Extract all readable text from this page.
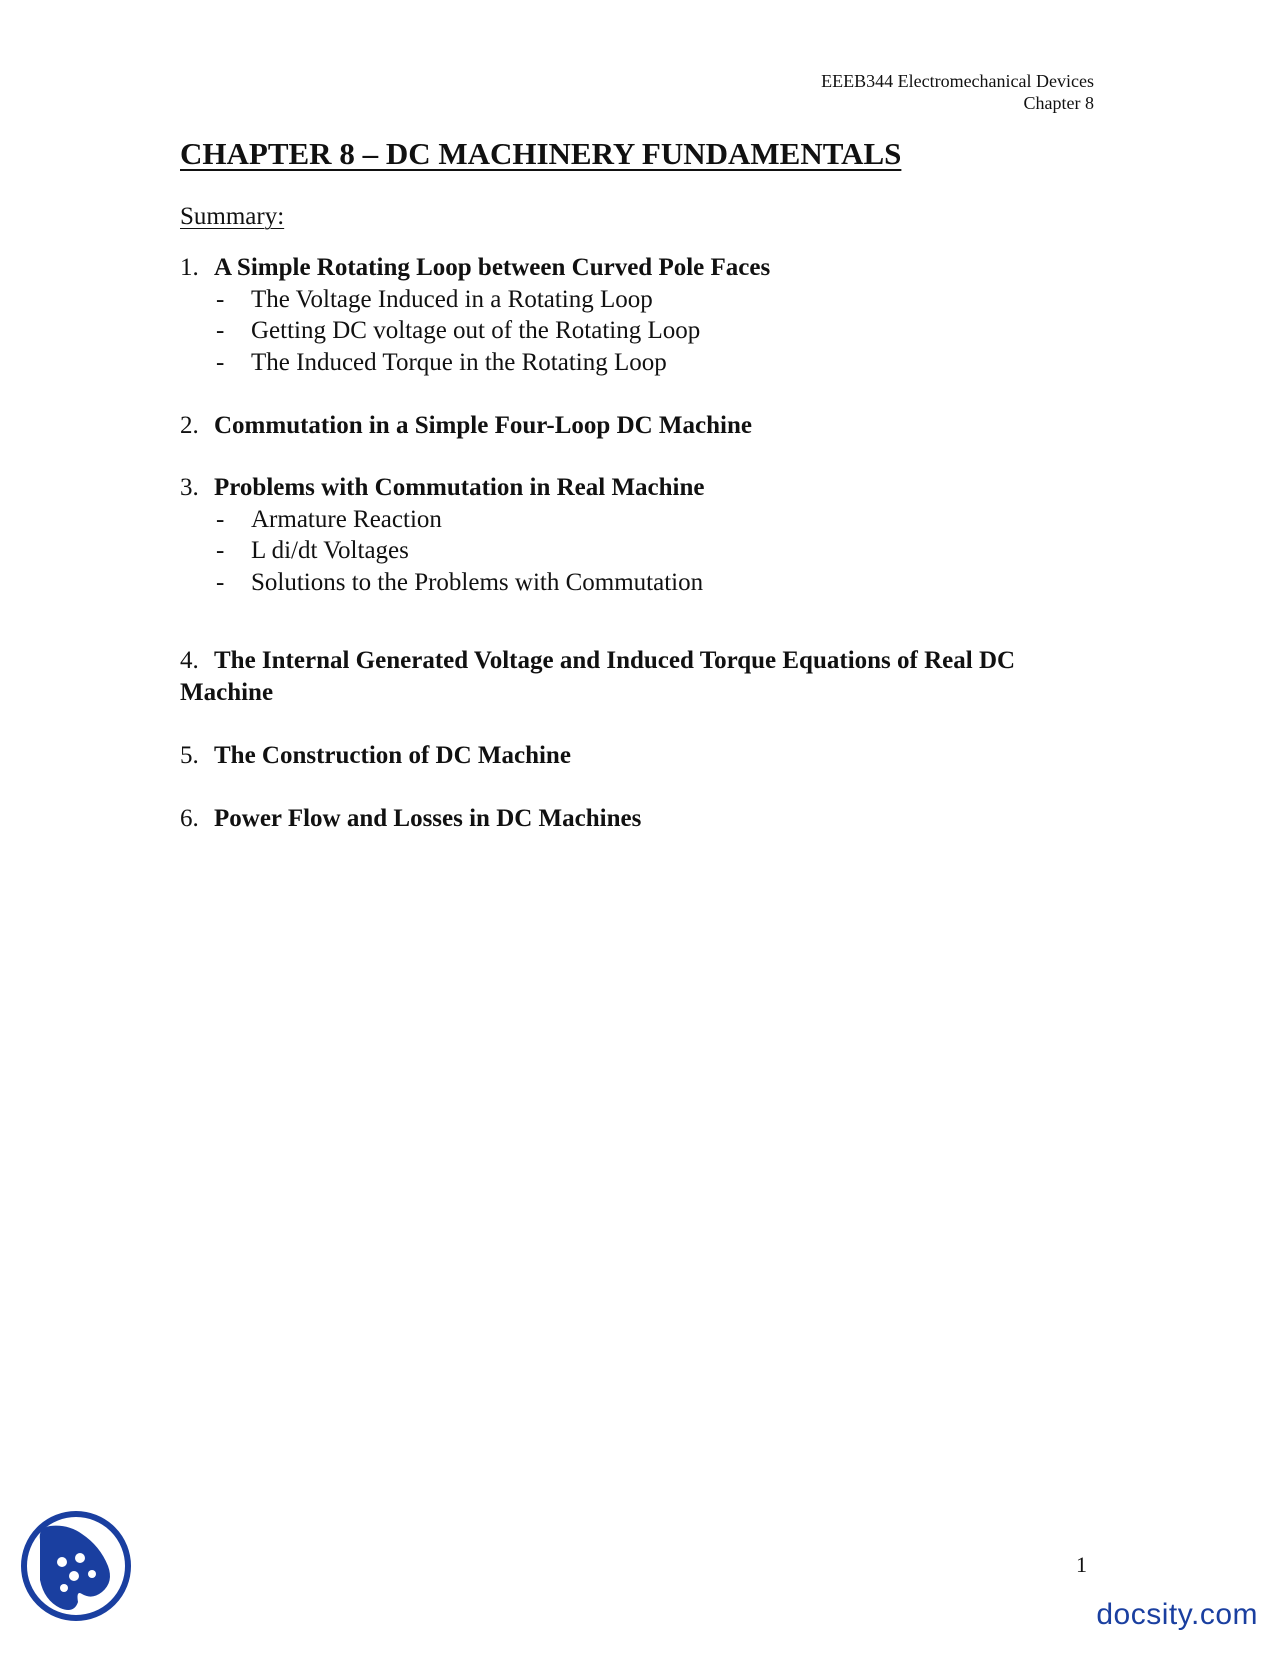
EEEB344 Electromechanical Devices
Chapter 8
CHAPTER 8 – DC MACHINERY FUNDAMENTALS
Summary:
1. A Simple Rotating Loop between Curved Pole Faces
- The Voltage Induced in a Rotating Loop
- Getting DC voltage out of the Rotating Loop
- The Induced Torque in the Rotating Loop
2. Commutation in a Simple Four-Loop DC Machine
3. Problems with Commutation in Real Machine
- Armature Reaction
- L di/dt Voltages
- Solutions to the Problems with Commutation
4. The Internal Generated Voltage and Induced Torque Equations of Real DC Machine
5. The Construction of DC Machine
6. Power Flow and Losses in DC Machines
1
docsity.com
